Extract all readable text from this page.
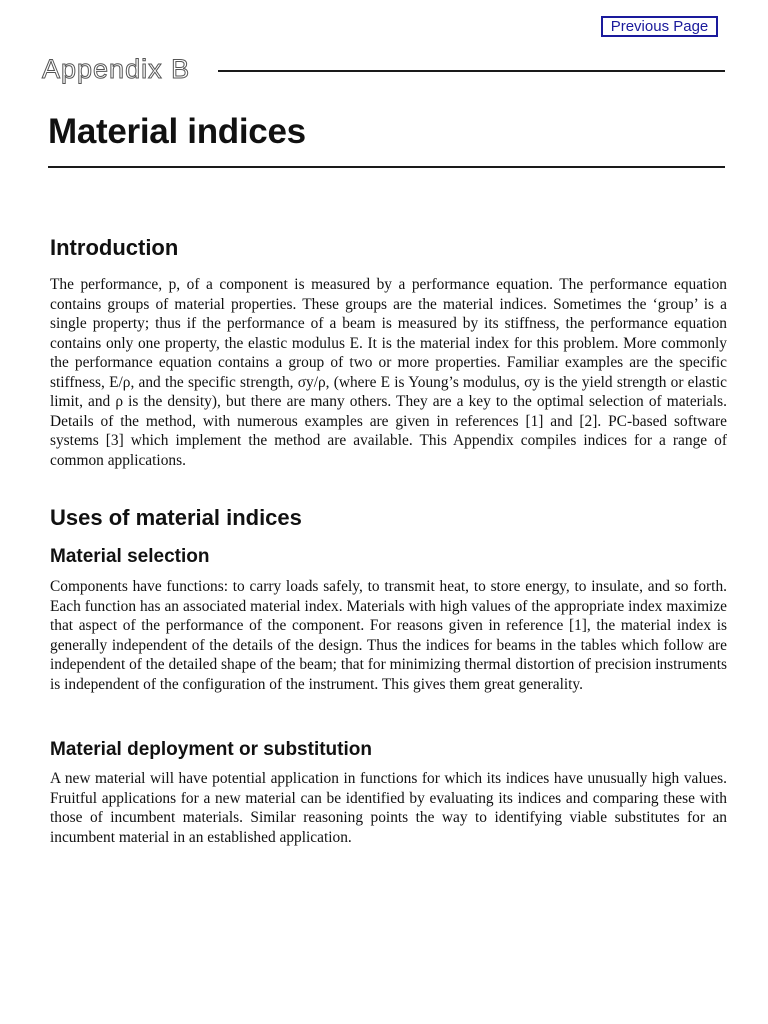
Previous Page
Appendix B
Material indices
Introduction

The performance, p, of a component is measured by a performance equation. The performance equation contains groups of material properties. These groups are the material indices. Sometimes the ‘group’ is a single property; thus if the performance of a beam is measured by its stiffness, the performance equation contains only one property, the elastic modulus E. It is the material index for this problem. More commonly the performance equation contains a group of two or more properties. Familiar examples are the specific stiffness, E/ρ, and the specific strength, σy/ρ, (where E is Young’s modulus, σy is the yield strength or elastic limit, and ρ is the density), but there are many others. They are a key to the optimal selection of materials. Details of the method, with numerous examples are given in references [1] and [2]. PC-based software systems [3] which implement the method are available. This Appendix compiles indices for a range of common applications.

Uses of material indices
Material selection

Components have functions: to carry loads safely, to transmit heat, to store energy, to insulate, and so forth. Each function has an associated material index. Materials with high values of the appropriate index maximize that aspect of the performance of the component. For reasons given in reference [1], the material index is generally independent of the details of the design. Thus the indices for beams in the tables which follow are independent of the detailed shape of the beam; that for minimizing thermal distortion of precision instruments is independent of the configuration of the instrument. This gives them great generality.

Material deployment or substitution

A new material will have potential application in functions for which its indices have unusually high values. Fruitful applications for a new material can be identified by evaluating its indices and comparing these with those of incumbent materials. Similar reasoning points the way to identifying viable substitutes for an incumbent material in an established application.
